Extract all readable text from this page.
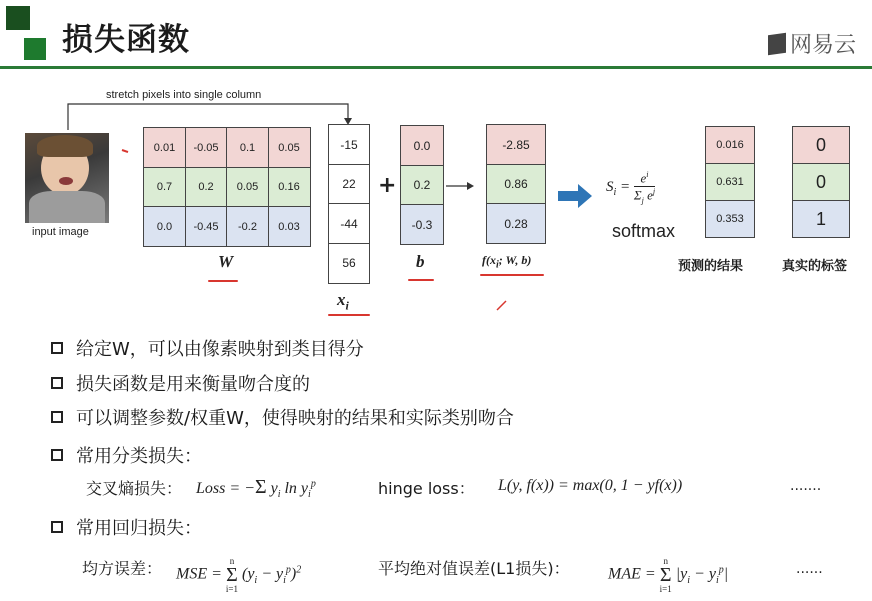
损失函数	网易云
stretch pixels into single column
input image
0.01	-0.05	0.1	0.05
0.7	0.2	0.05	0.16
0.0	-0.45	-0.2	0.03
W
-15
22
-44
56
$x_i$
+
0.0
0.2
-0.3
b
-2.85
0.86
0.28
$f(x_i$; W, b)
$S_i = \frac{e^i}{\Sigma_j e^j}$
softmax
0.016
0.631
0.353
0
0
1
预测的结果	真实的标签
给定W，可以由像素映射到类目得分
损失函数是用来衡量吻合度的
可以调整参数/权重W，使得映射的结果和实际类别吻合
常用分类损失：
交叉熵损失： Loss = −Σ $y_i$ $\ln y_i^p$	hinge loss： L(y, f(x)) = max(0, 1 − yf(x))	.......
常用回归损失：
均方误差： MSE =
n
Σ
i=1
$(y_i - y_i^p)^2$	平均绝对值误差(L1损失)： MAE =
n
Σ
i=1
$|y_i - y_i^p|$	......
